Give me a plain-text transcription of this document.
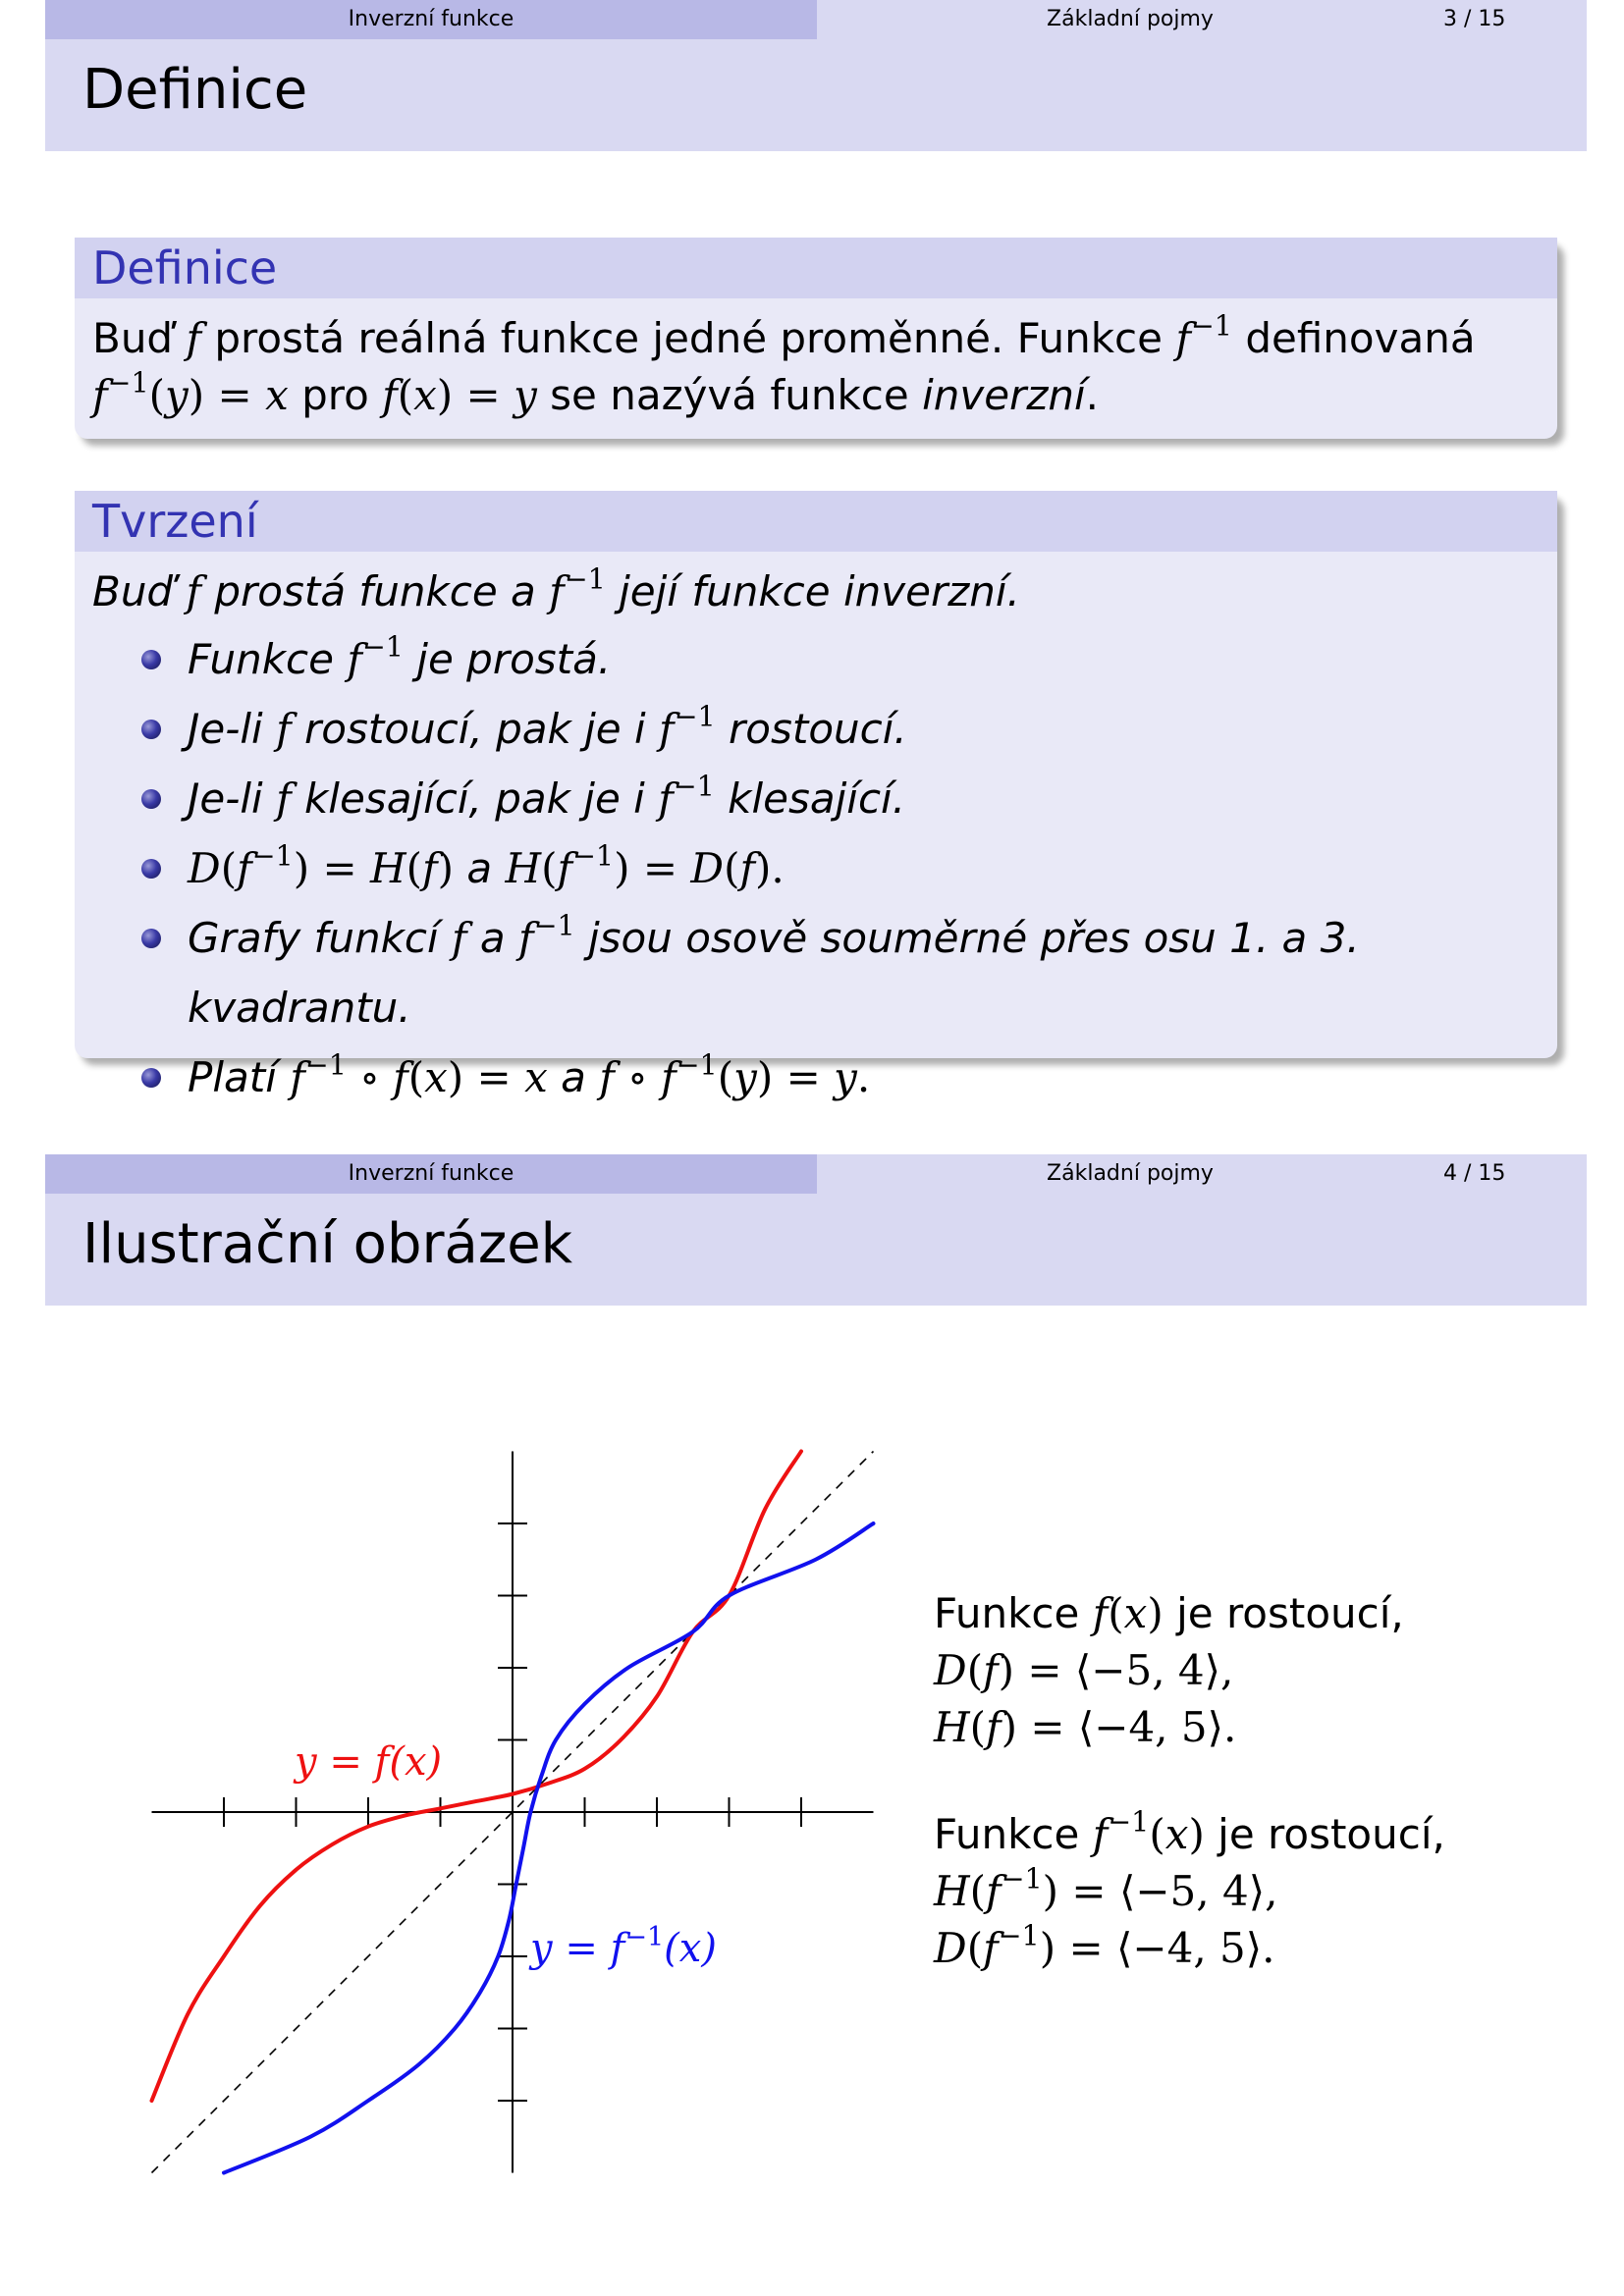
Inverzní funkce	Základní pojmy	3 / 15
Definice
Definice
Buď f prostá reálná funkce jedné proměnné. Funkce $f^{-1}$ definovaná
$f^{-1}(y) = x$ pro f(x) = y se nazývá funkce inverzní.
Tvrzení
Buď f prostá funkce a $f^{-1}$ její funkce inverzní.
Funkce $f^{-1}$ je prostá.
Je-li f rostoucí, pak je i $f^{-1}$ rostoucí.
Je-li f klesající, pak je i $f^{-1}$ klesající.
$D(f^{-1}) = H(f)$ a $H(f^{-1}) = D(f)$.
Grafy funkcí f a $f^{-1}$ jsou osově souměrné přes osu 1. a 3. kvadrantu.
Platí $f^{-1}$ ∘ f(x) = x a f ∘ $f^{-1}(y) = y$.
Inverzní funkce	Základní pojmy	4 / 15
Ilustrační obrázek
y = f(x)
$y = f^{-1}(x)$
Funkce f(x) je rostoucí,
D(f) = ⟨−5, 4⟩,
H(f) = ⟨−4, 5⟩.
Funkce $f^{-1}(x)$ je rostoucí,
$H(f^{-1})$ = ⟨−5, 4⟩,
$D(f^{-1})$ = ⟨−4, 5⟩.
